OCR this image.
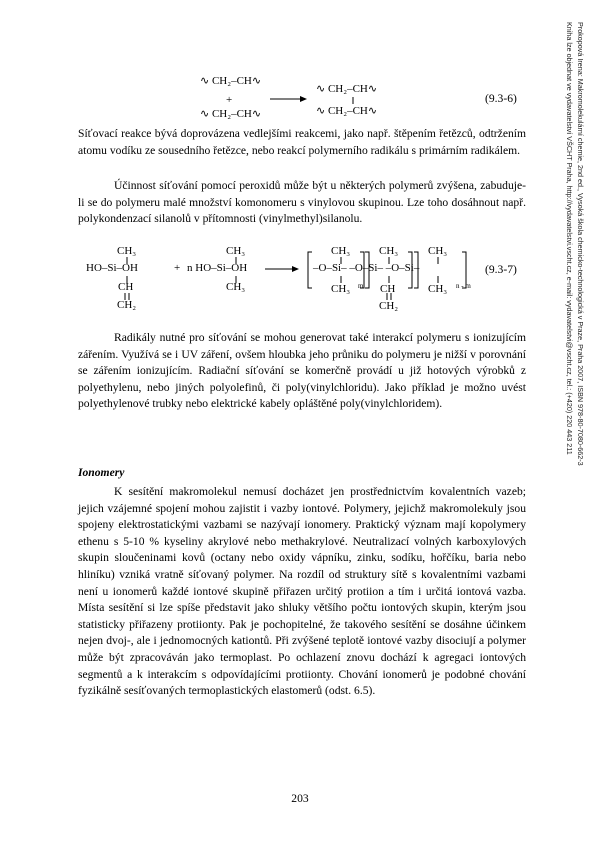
Prokopová Irena: Makromolekulární chemie, 2nd ed., Vysoká škola chemicko-technologická v Praze, Praha 2007, ISBN 978-80-7080-662-3
Kniha lze objednat ve vydavatelství VŠCHT Praha, http://vydavatelstvi.vscht.cz, e-mail: vydavatelstvi@vscht.cz, tel.: (+420) 220 443 211
∿ CH₂–CH∿
+
∿ CH₂–CH∿
∿ CH₂–CH∿
∿ CH₂–CH∿
(9.3-6)

Síťovací reakce bývá doprovázena vedlejšími reakcemi, jako např. štěpením řetězců, odtržením atomu vodíku ze sousedního řetězce, nebo reakcí polymerního radikálu s primárním radikálem.

Účinnost síťování pomocí peroxidů může být u některých polymerů zvýšena, zabuduje-li se do polymeru malé množství komonomeru s vinylovou skupinou. Lze toho dosáhnout např. polykondenzací silanolů v přítomnosti (vinylmethyl)silanolu.

CH₃
HO–Si–OH
CH
CH₂
+ n HO–Si–OH
CH₃
CH₃
CH₃	CH₃	CH₃
–O–Si– –O–Si– –O–Si–
CH₃	CH	CH₃
CH₂
m	n - m
(9.3-7)

Radikály nutné pro síťování se mohou generovat také interakcí polymeru s ionizujícím zářením. Využívá se i UV záření, ovšem hloubka jeho průniku do polymeru je nižší v porovnání se zářením ionizujícím. Radiační síťování se komerčně provádí u již hotových výrobků z polyethylenu, nebo jiných polyolefinů, či poly(vinylchloridu). Jako příklad je možno uvést polyethylenové trubky nebo elektrické kabely opláštěné poly(vinylchloridem).

Ionomery

K sesítění makromolekul nemusí docházet jen prostřednictvím kovalentních vazeb; jejich vzájemné spojení mohou zajistit i vazby iontové. Polymery, jejichž makromolekuly jsou spojeny elektrostatickými vazbami se nazývají ionomery. Praktický význam mají kopolymery ethenu s 5-10 % kyseliny akrylové nebo methakrylové. Neutralizací volných karboxylových skupin sloučeninami kovů (octany nebo oxidy vápníku, zinku, sodíku, hořčíku, baria nebo hliníku) vzniká vratně síťovaný polymer. Na rozdíl od struktury sítě s kovalentními vazbami není u ionomerů každé iontové skupině přiřazen určitý protiion a tím i určitá iontová vazba. Místa sesítění si lze spíše představit jako shluky většího počtu iontových skupin, kterým jsou statisticky přiřazeny protiionty. Pak je pochopitelné, že takového sesítění se dosáhne účinkem nejen dvoj-, ale i jednomocných kationtů. Při zvýšené teplotě iontové vazby disociují a polymer může být zpracováván jako termoplast. Po ochlazení znovu dochází k agregaci iontových segmentů a k interakcím s odpovídajícími protiionty. Chování ionomerů je podobné chování fyzikálně sesíťovaných termoplastických elastomerů (odst. 6.5).

203
